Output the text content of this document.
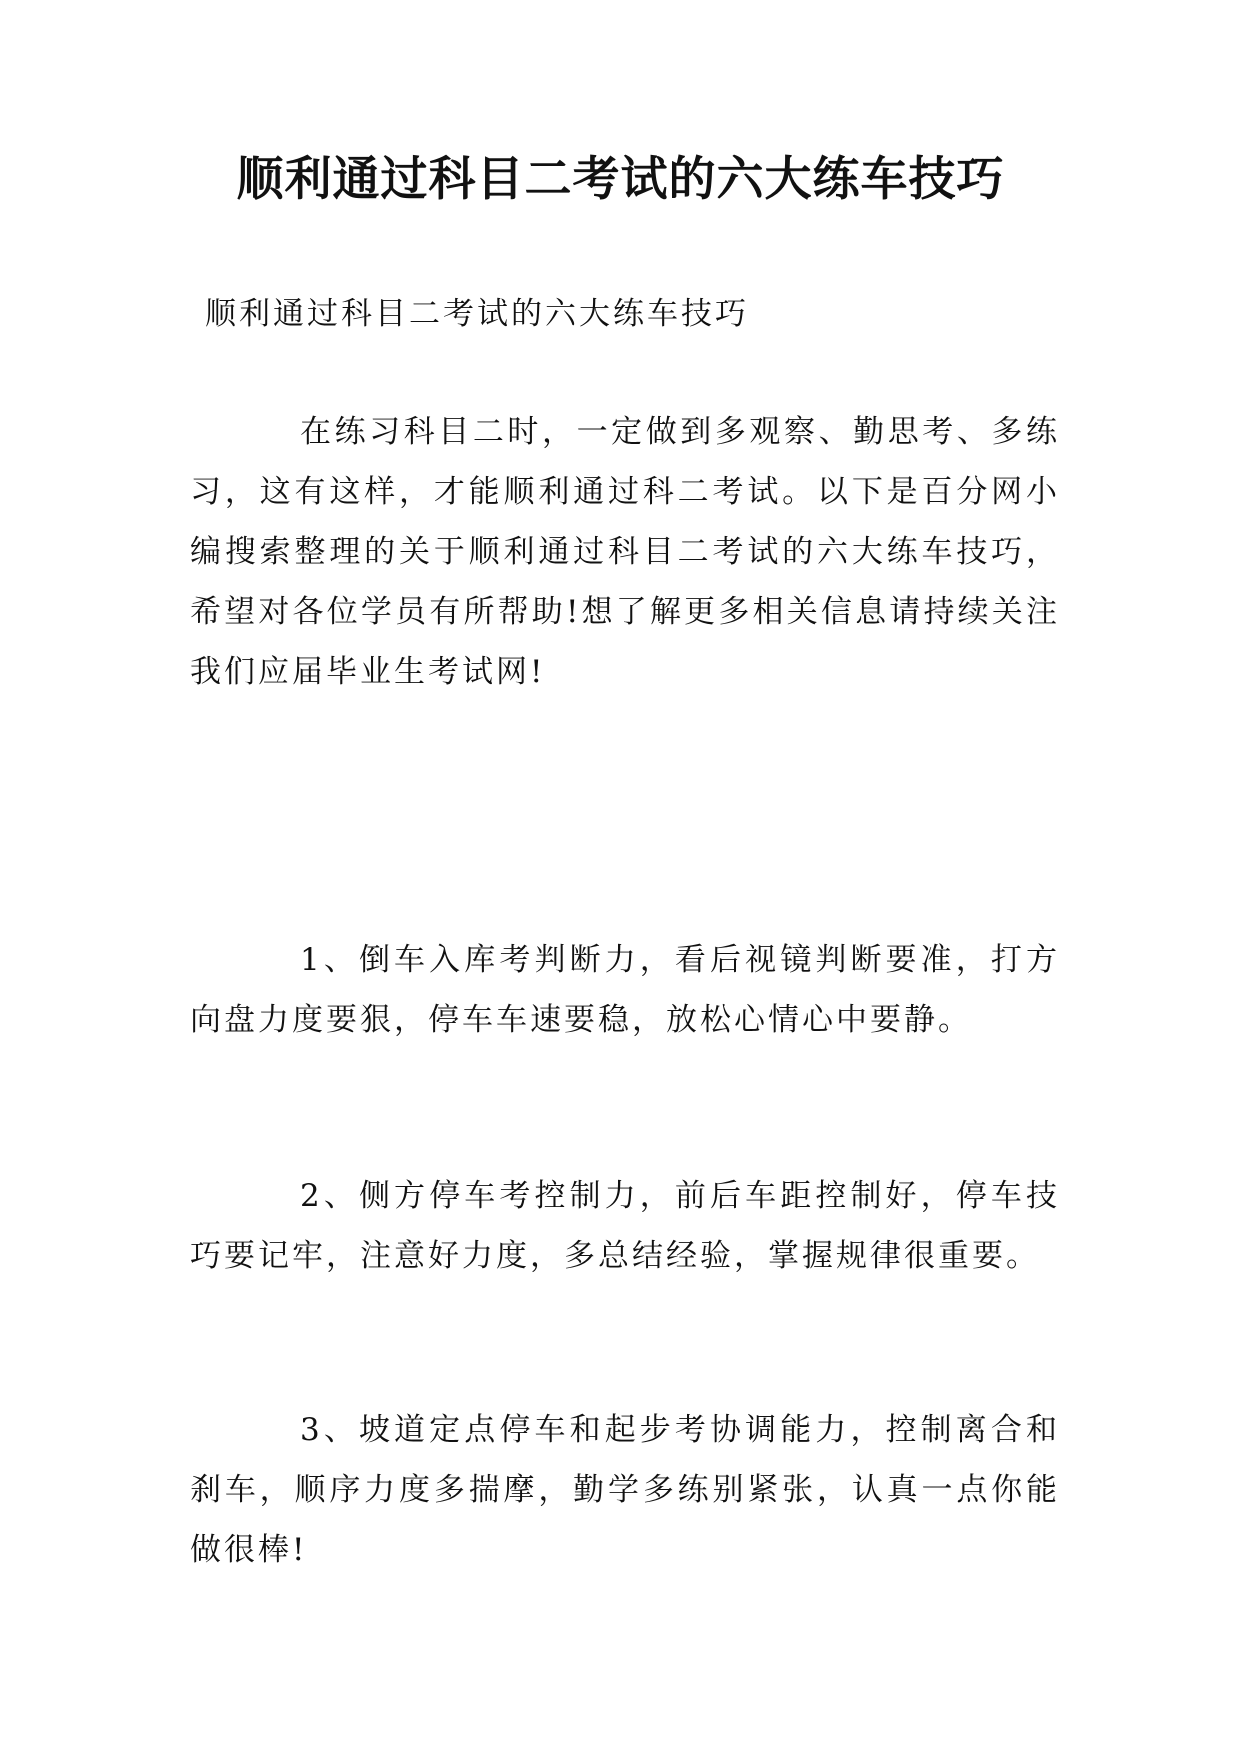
顺利通过科目二考试的六大练车技巧

顺利通过科目二考试的六大练车技巧

在练习科目二时，一定做到多观察、勤思考、多练习，这有这样，才能顺利通过科二考试。以下是百分网小编搜索整理的关于顺利通过科目二考试的六大练车技巧，希望对各位学员有所帮助!想了解更多相关信息请持续关注我们应届毕业生考试网!

1、倒车入库考判断力，看后视镜判断要准，打方向盘力度要狠，停车车速要稳，放松心情心中要静。

2、侧方停车考控制力，前后车距控制好，停车技巧要记牢，注意好力度，多总结经验，掌握规律很重要。

3、坡道定点停车和起步考协调能力，控制离合和刹车，顺序力度多揣摩，勤学多练别紧张，认真一点你能做很棒!
